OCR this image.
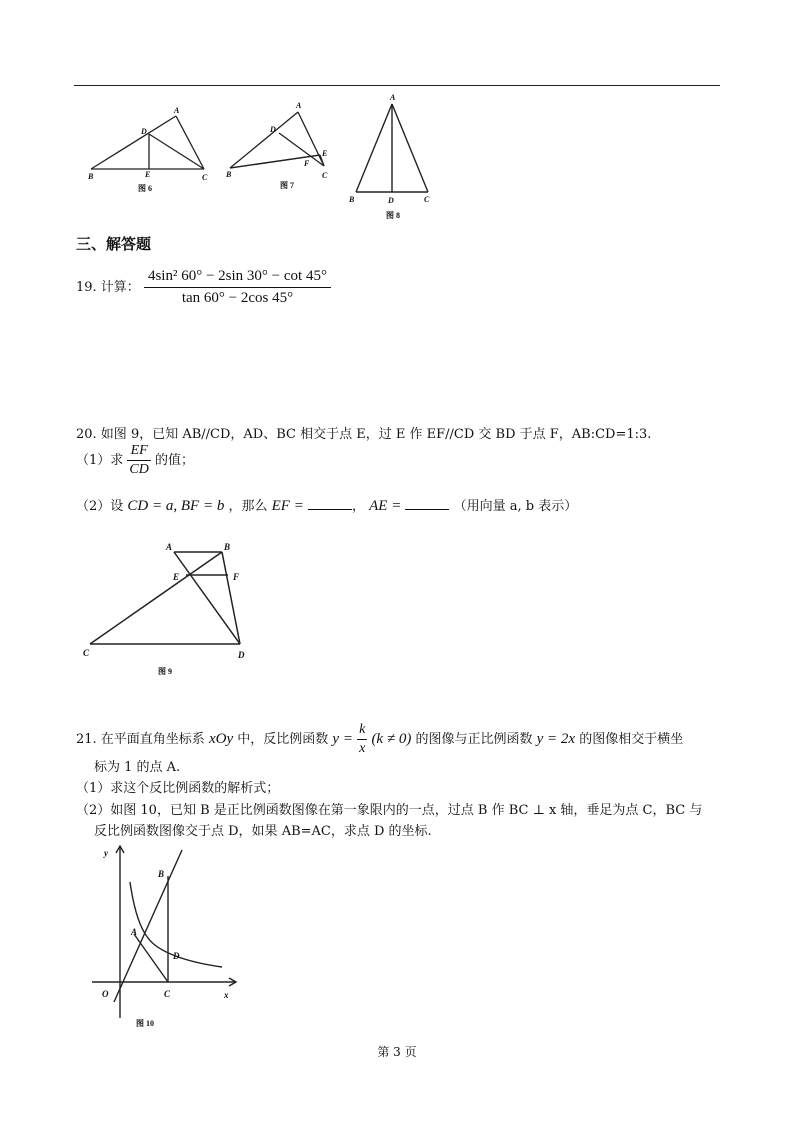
A
D
B	E	C
图 6
A
D
E
F
B	C
图 7
A
B	D	C
图 8
三、解答题
19. 计算： $\frac{\text{4sin² 60° − 2sin 30° − cot 45°}}{\tan 60^\circ - 2\cos 45^\circ}$
20. 如图 9，已知 AB//CD，AD、BC 相交于点 E，过 E 作 EF//CD 交 BD 于点 F，AB:CD=1:3.
（1）求 $\frac{EF}{CD}$ 的值；
（2）设 CD = a, BF = b ，那么 EF =	， AE =	（用向量 a, b 表示）
A	B
E	F
C	D
图 9
21. 在平面直角坐标系 xOy 中，反比例函数 $y = \frac{k}{x} (k \ne 0)$ 的图像与正比例函数 y = 2x 的图像相交于横坐
标为 1 的点 A.
（1）求这个反比例函数的解析式；
（2）如图 10，已知 B 是正比例函数图像在第一象限内的一点，过点 B 作 BC ⊥ x 轴，垂足为点 C，BC 与
反比例函数图像交于点 D，如果 AB=AC，求点 D 的坐标.
y
B
A
D
O	C	x
图 10
第 3 页
